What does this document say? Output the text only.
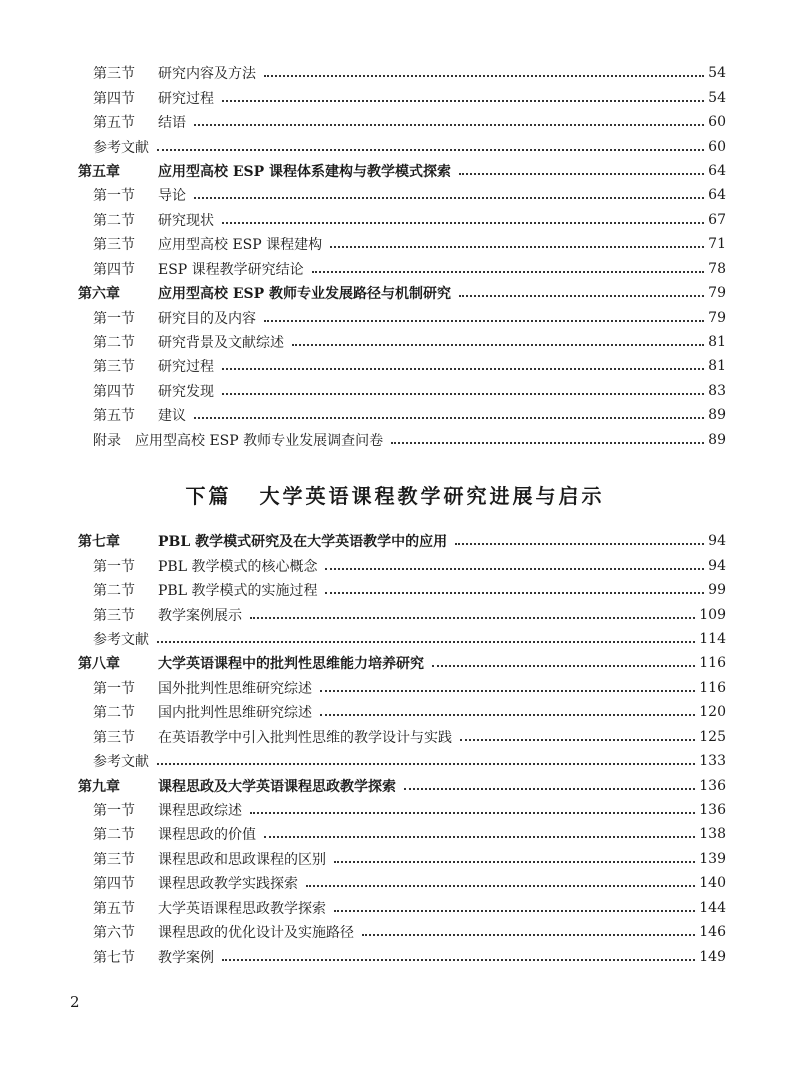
第三节	研究内容及方法	54
第四节	研究过程	54
第五节	结语	60
参考文献	60
第五章	应用型高校 ESP 课程体系建构与教学模式探索	64
第一节	导论	64
第二节	研究现状	67
第三节	应用型高校 ESP 课程建构	71
第四节	ESP 课程教学研究结论	78
第六章	应用型高校 ESP 教师专业发展路径与机制研究	79
第一节	研究目的及内容	79
第二节	研究背景及文献综述	81
第三节	研究过程	81
第四节	研究发现	83
第五节	建议	89
附录　应用型高校 ESP 教师专业发展调查问卷	89
下篇 大学英语课程教学研究进展与启示
第七章	PBL 教学模式研究及在大学英语教学中的应用	94
第一节	PBL 教学模式的核心概念	94
第二节	PBL 教学模式的实施过程	99
第三节	教学案例展示	109
参考文献	114
第八章	大学英语课程中的批判性思维能力培养研究	116
第一节	国外批判性思维研究综述	116
第二节	国内批判性思维研究综述	120
第三节	在英语教学中引入批判性思维的教学设计与实践	125
参考文献	133
第九章	课程思政及大学英语课程思政教学探索	136
第一节	课程思政综述	136
第二节	课程思政的价值	138
第三节	课程思政和思政课程的区别	139
第四节	课程思政教学实践探索	140
第五节	大学英语课程思政教学探索	144
第六节	课程思政的优化设计及实施路径	146
第七节	教学案例	149
2
